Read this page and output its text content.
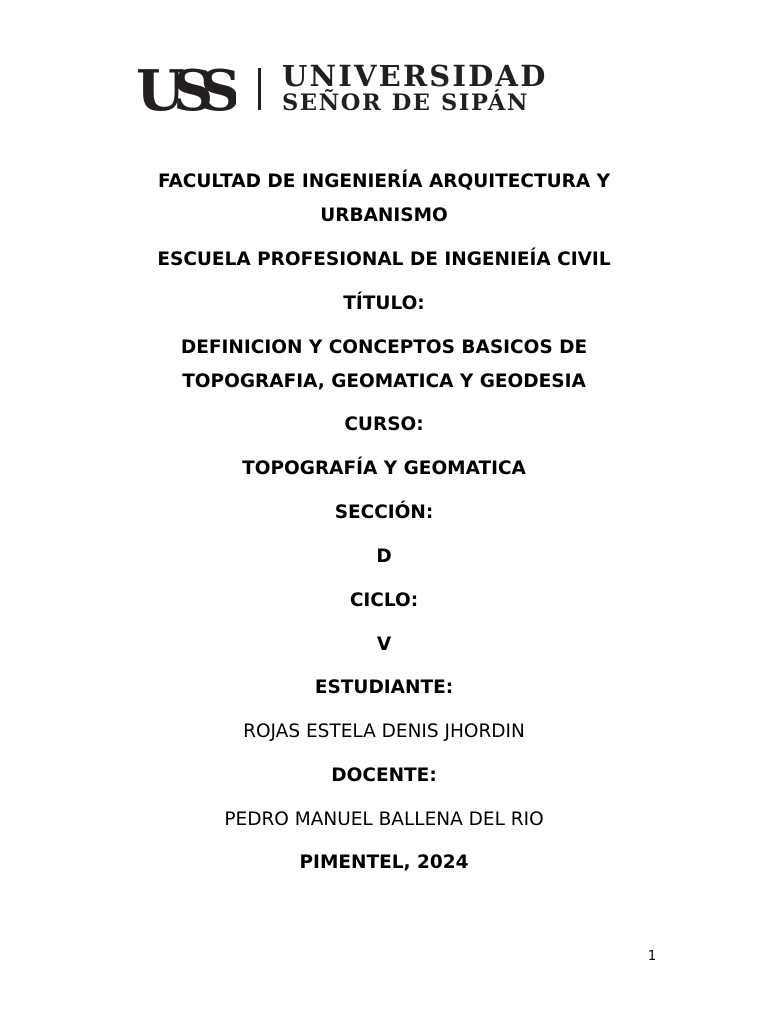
USS	UNIVERSIDAD
SEÑOR DE SIPÁN
FACULTAD DE INGENIERÍA ARQUITECTURA Y
URBANISMO
ESCUELA PROFESIONAL DE INGENIEÍA CIVIL
TÍTULO:
DEFINICION Y CONCEPTOS BASICOS DE
TOPOGRAFIA, GEOMATICA Y GEODESIA
CURSO:
TOPOGRAFÍA Y GEOMATICA
SECCIÓN:
D
CICLO:
V
ESTUDIANTE:
ROJAS ESTELA DENIS JHORDIN
DOCENTE:
PEDRO MANUEL BALLENA DEL RIO
PIMENTEL, 2024
1
